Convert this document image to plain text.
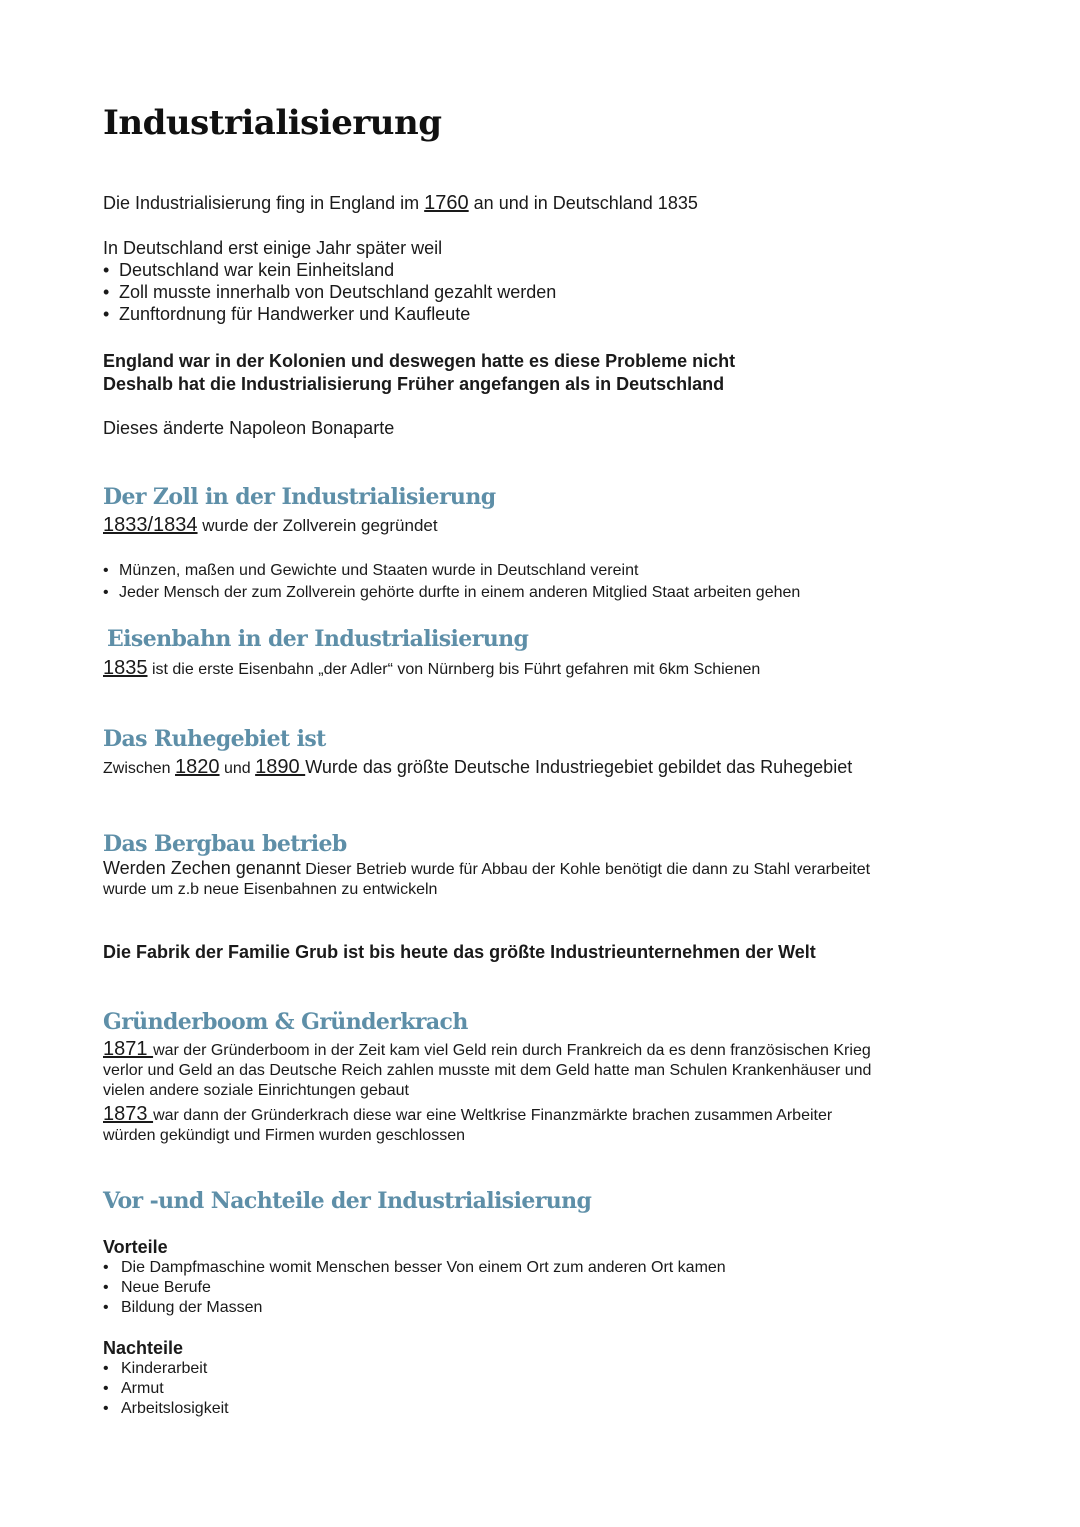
Industrialisierung
Die Industrialisierung fing in England im 1760 an und in Deutschland 1835
In Deutschland erst einige Jahr später weil
• Deutschland war kein Einheitsland
• Zoll musste innerhalb von Deutschland gezahlt werden
• Zunftordnung für Handwerker und Kaufleute
England war in der Kolonien und deswegen hatte es diese Probleme nicht
Deshalb hat die Industrialisierung Früher angefangen als in Deutschland
Dieses änderte Napoleon Bonaparte
Der Zoll in der Industrialisierung
1833/1834 wurde der Zollverein gegründet
• Münzen, maßen und Gewichte und Staaten wurde in Deutschland vereint
• Jeder Mensch der zum Zollverein gehörte durfte in einem anderen Mitglied Staat arbeiten gehen
Eisenbahn in der Industrialisierung
1835 ist die erste Eisenbahn „der Adler“ von Nürnberg bis Führt gefahren mit 6km Schienen
Das Ruhegebiet ist
Zwischen 1820 und 1890 Wurde das größte Deutsche Industriegebiet gebildet das Ruhegebiet
Das Bergbau betrieb
Werden Zechen genannt Dieser Betrieb wurde für Abbau der Kohle benötigt die dann zu Stahl verarbeitet
wurde um z.b neue Eisenbahnen zu entwickeln
Die Fabrik der Familie Grub ist bis heute das größte Industrieunternehmen der Welt
Gründerboom & Gründerkrach
1871 war der Gründerboom in der Zeit kam viel Geld rein durch Frankreich da es denn französischen Krieg
verlor und Geld an das Deutsche Reich zahlen musste mit dem Geld hatte man Schulen Krankenhäuser und
vielen andere soziale Einrichtungen gebaut
1873 war dann der Gründerkrach diese war eine Weltkrise Finanzmärkte brachen zusammen Arbeiter
würden gekündigt und Firmen wurden geschlossen
Vor -und Nachteile der Industrialisierung
Vorteile
• Die Dampfmaschine womit Menschen besser Von einem Ort zum anderen Ort kamen
• Neue Berufe
• Bildung der Massen
Nachteile
• Kinderarbeit
• Armut
• Arbeitslosigkeit
